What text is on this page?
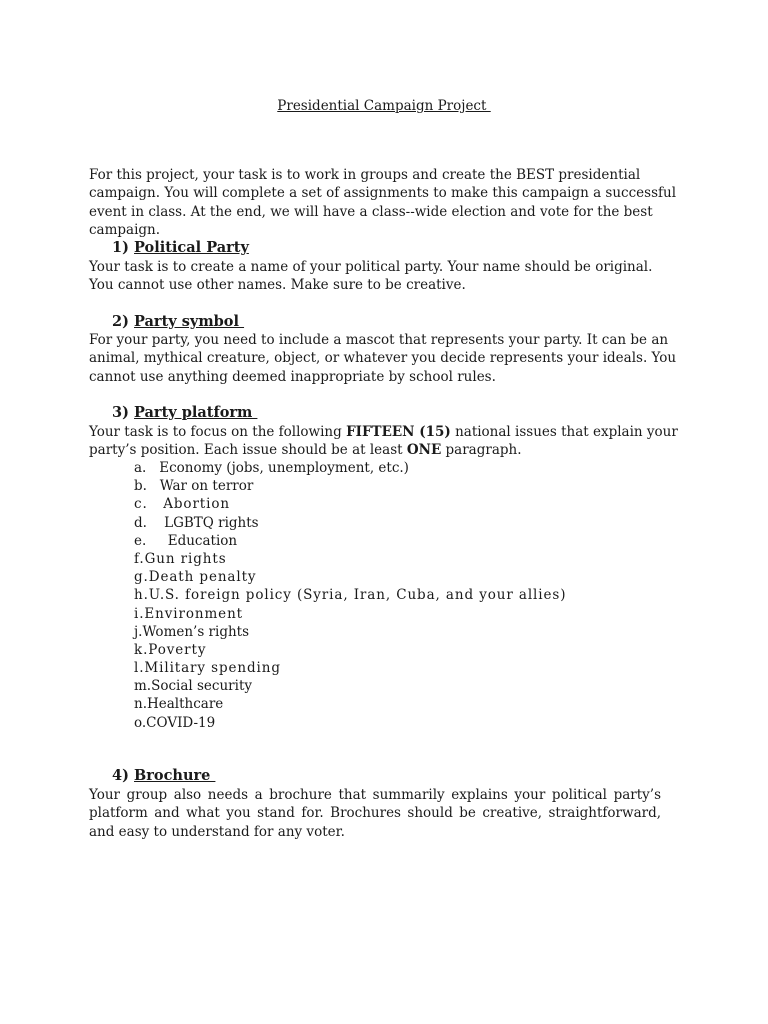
Presidential Campaign Project
For this project, your task is to work in groups and create the BEST presidential campaign. You will complete a set of assignments to make this campaign a successful event in class. At the end, we will have a class--wide election and vote for the best campaign.
1) Political Party
Your task is to create a name of your political party. Your name should be original. You cannot use other names. Make sure to be creative.
2) Party symbol
For your party, you need to include a mascot that represents your party. It can be an animal, mythical creature, object, or whatever you decide represents your ideals. You cannot use anything deemed inappropriate by school rules.
3) Party platform
Your task is to focus on the following FIFTEEN (15) national issues that explain your party’s position. Each issue should be at least ONE paragraph.
a.   Economy (jobs, unemployment, etc.)
b.   War on terror
c.   Abortion
d.    LGBTQ rights
e.     Education
f.Gun rights
g.Death penalty
h.U.S. foreign policy (Syria, Iran, Cuba, and your allies)
i.Environment
j.Women’s rights
k.Poverty
l.Military spending
m.Social security
n.Healthcare
o.COVID-19
4) Brochure
Your group also needs a brochure that summarily explains your political party’s platform and what you stand for. Brochures should be creative, straightforward, and easy to understand for any voter.
